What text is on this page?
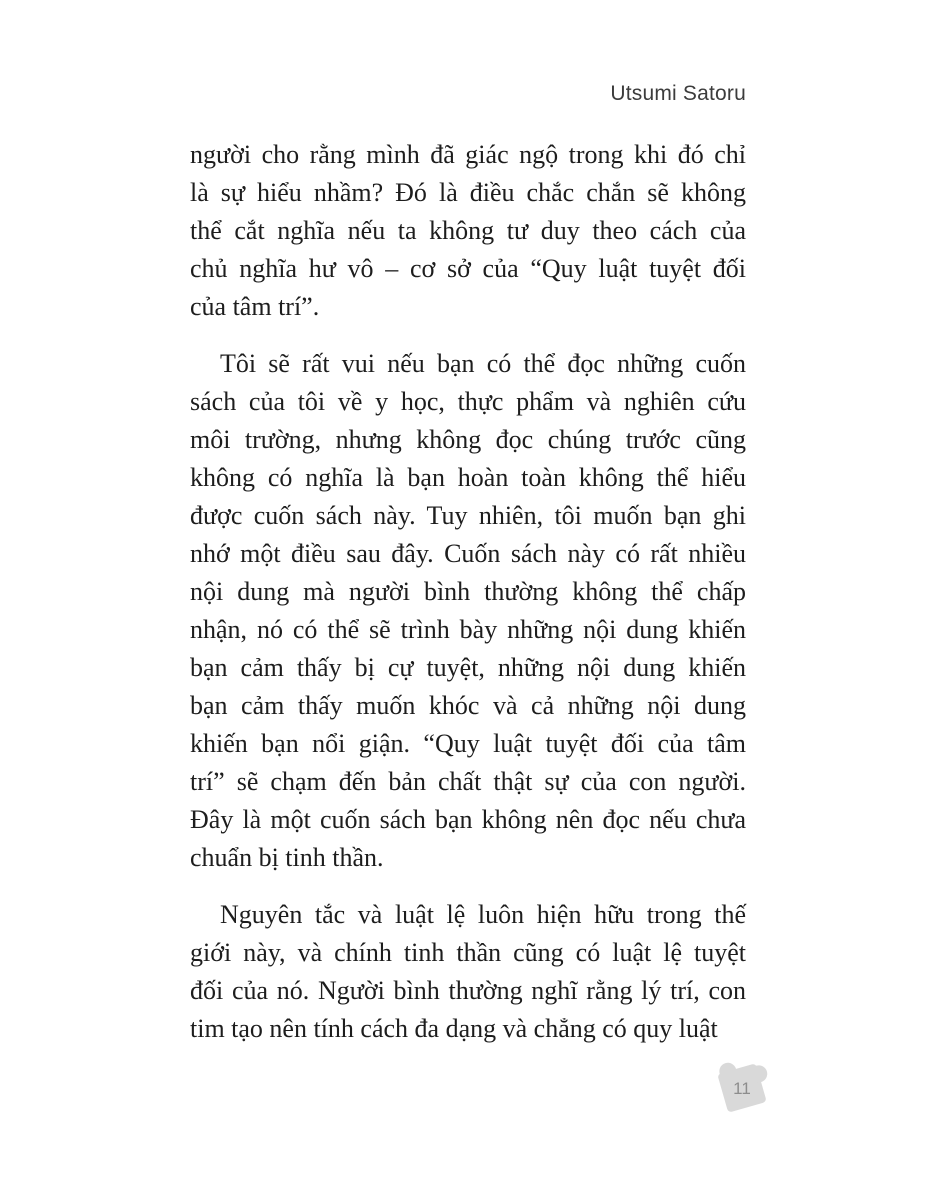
Utsumi Satoru
người cho rằng mình đã giác ngộ trong khi đó chỉ
là sự hiểu nhầm? Đó là điều chắc chắn sẽ không
thể cắt nghĩa nếu ta không tư duy theo cách của
chủ nghĩa hư vô – cơ sở của “Quy luật tuyệt đối
của tâm trí”.
Tôi sẽ rất vui nếu bạn có thể đọc những cuốn
sách của tôi về y học, thực phẩm và nghiên cứu
môi trường, nhưng không đọc chúng trước cũng
không có nghĩa là bạn hoàn toàn không thể hiểu
được cuốn sách này. Tuy nhiên, tôi muốn bạn ghi
nhớ một điều sau đây. Cuốn sách này có rất nhiều
nội dung mà người bình thường không thể chấp
nhận, nó có thể sẽ trình bày những nội dung khiến
bạn cảm thấy bị cự tuyệt, những nội dung khiến
bạn cảm thấy muốn khóc và cả những nội dung
khiến bạn nổi giận. “Quy luật tuyệt đối của tâm
trí” sẽ chạm đến bản chất thật sự của con người.
Đây là một cuốn sách bạn không nên đọc nếu chưa
chuẩn bị tinh thần.
Nguyên tắc và luật lệ luôn hiện hữu trong thế
giới này, và chính tinh thần cũng có luật lệ tuyệt
đối của nó. Người bình thường nghĩ rằng lý trí, con
tim tạo nên tính cách đa dạng và chẳng có quy luật
11
